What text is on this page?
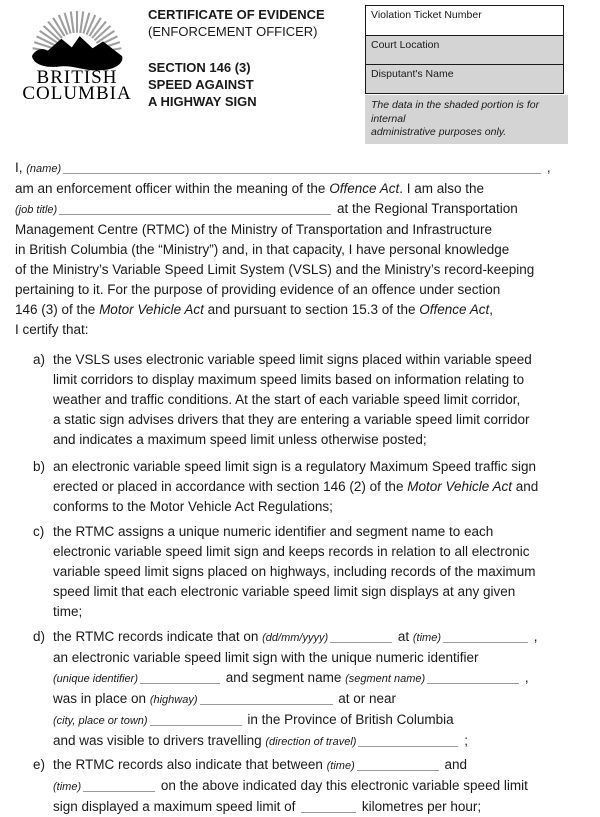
BRITISH
COLUMBIA
CERTIFICATE OF EVIDENCE
(ENFORCEMENT OFFICER)
SECTION 146 (3)
SPEED AGAINST
A HIGHWAY SIGN
Violation Ticket Number
Court Location
Disputant's Name
The data in the shaded portion is for internal
administrative purposes only.
I, (name)	,
am an enforcement officer within the meaning of the Offence Act. I am also the
(job title)	at the Regional Transportation
Management Centre (RTMC) of the Ministry of Transportation and Infrastructure
in British Columbia (the “Ministry”) and, in that capacity, I have personal knowledge
of the Ministry’s Variable Speed Limit System (VSLS) and the Ministry’s record-keeping
pertaining to it. For the purpose of providing evidence of an offence under section
146 (3) of the Motor Vehicle Act and pursuant to section 15.3 of the Offence Act,
I certify that:
a) the VSLS uses electronic variable speed limit signs placed within variable speed
limit corridors to display maximum speed limits based on information relating to
weather and traffic conditions. At the start of each variable speed limit corridor,
a static sign advises drivers that they are entering a variable speed limit corridor
and indicates a maximum speed limit unless otherwise posted;
b) an electronic variable speed limit sign is a regulatory Maximum Speed traffic sign
erected or placed in accordance with section 146 (2) of the Motor Vehicle Act and
conforms to the Motor Vehicle Act Regulations;
c) the RTMC assigns a unique numeric identifier and segment name to each
electronic variable speed limit sign and keeps records in relation to all electronic
variable speed limit signs placed on highways, including records of the maximum
speed limit that each electronic variable speed limit sign displays at any given
time;
d) the RTMC records indicate that on (dd/mm/yyyy)	at (time)	,
an electronic variable speed limit sign with the unique numeric identifier
(unique identifier)	and segment name (segment name)	,
was in place on (highway)	at or near
(city, place or town)	in the Province of British Columbia
and was visible to drivers travelling (direction of travel)	;
e) the RTMC records also indicate that between (time)	and
(time)	on the above indicated day this electronic variable speed limit
sign displayed a maximum speed limit of	kilometres per hour;
